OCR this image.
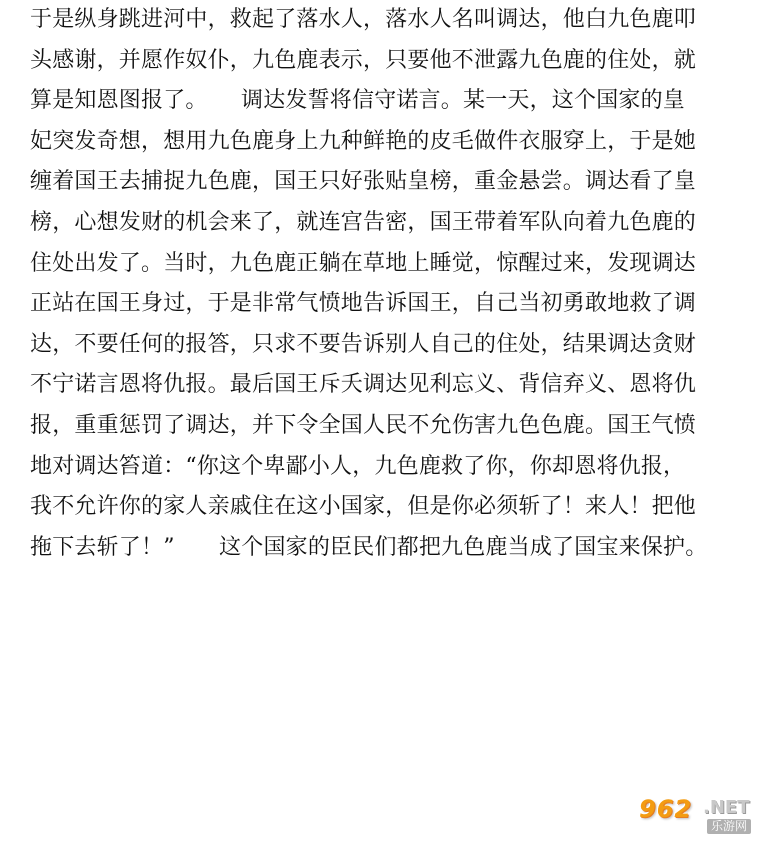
于是纵身跳进河中，救起了落水人，落水人名叫调达，他白九色鹿叩
头感谢，并愿作奴仆，九色鹿表示，只要他不泄露九色鹿的住处，就
算是知恩图报了。　　调达发誓将信守诺言。某一天，这个国家的皇
妃突发奇想，想用九色鹿身上九种鲜艳的皮毛做件衣服穿上，于是她
缠着国王去捕捉九色鹿，国王只好张贴皇榜，重金悬尝。调达看了皇
榜，心想发财的机会来了，就连宫告密，国王带着军队向着九色鹿的
住处出发了。当时，九色鹿正躺在草地上睡觉，惊醒过来，发现调达
正站在国王身过，于是非常气愤地告诉国王，自己当初勇敢地救了调
达，不要任何的报答，只求不要告诉别人自己的住处，结果调达贪财
不宁诺言恩将仇报。最后国王斥夭调达见利忘义、背信弃义、恩将仇
报，重重惩罚了调达，并下令全国人民不允伤害九色色鹿。国王气愤
地对调达笞道：“你这个卑鄙小人，九色鹿救了你，你却恩将仇报，
我不允许你的家人亲戚住在这小国家，但是你必须斩了！来人！把他
拖下去斩了！”　　这个国家的臣民们都把九色鹿当成了国宝来保护。
962 .NET
乐游网
